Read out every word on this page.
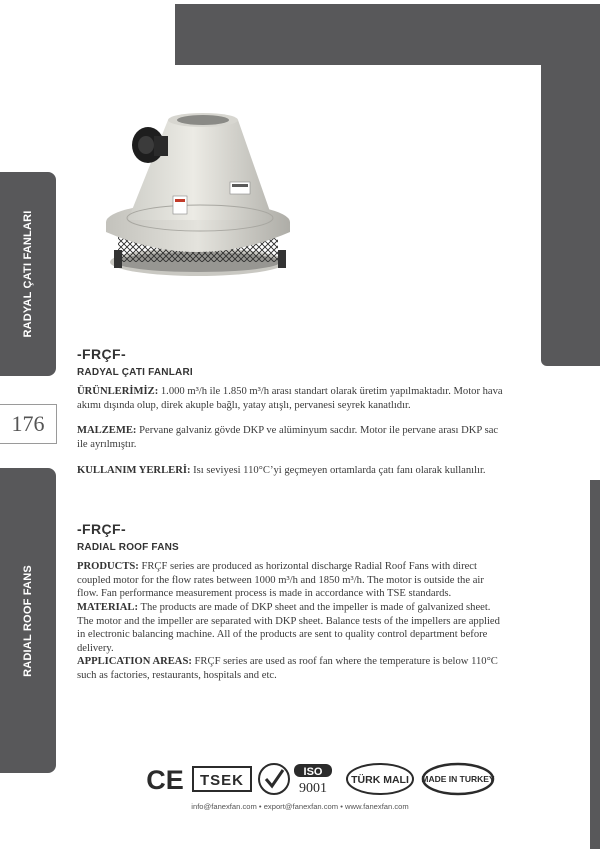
RADYAL ÇATI FANLARI
176
RADIAL ROOF FANS

-FRÇF-

RADYAL ÇATI FANLARI

ÜRÜNLERİMİZ: 1.000 m³/h ile 1.850 m³/h arası standart olarak üretim yapılmaktadır. Motor hava akımı dışında olup, direk akuple bağlı, yatay atışlı, pervanesi seyrek kanatlıdır.

MALZEME: Pervane galvaniz gövde DKP ve alüminyum sacdır. Motor ile pervane arası DKP sac ile ayrılmıştır.

KULLANIM YERLERİ: Isı seviyesi 110°C’yi geçmeyen ortamlarda çatı fanı olarak kullanılır.

-FRÇF-

RADIAL ROOF FANS

PRODUCTS: FRÇF series are produced as horizontal discharge Radial Roof Fans with direct coupled motor for the flow rates between 1000 m³/h and 1850 m³/h. The motor is outside the air flow. Fan performance measurement process is made in accordance with TSE standards.

MATERIAL: The products are made of DKP sheet and the impeller is made of galvanized sheet. The motor and the impeller are separated with DKP sheet. Balance tests of the impellers are applied in electronic balancing machine. All of the products are sent to quality control department before delivery.

APPLICATION AREAS: FRÇF series are used as roof fan where the temperature is below 110°C such as factories, restaurants, hospitals and etc.

CE TSEK	ISO
9001
TÜRK MALI MADE IN TURKEY
info@fanexfan.com • export@fanexfan.com • www.fanexfan.com
